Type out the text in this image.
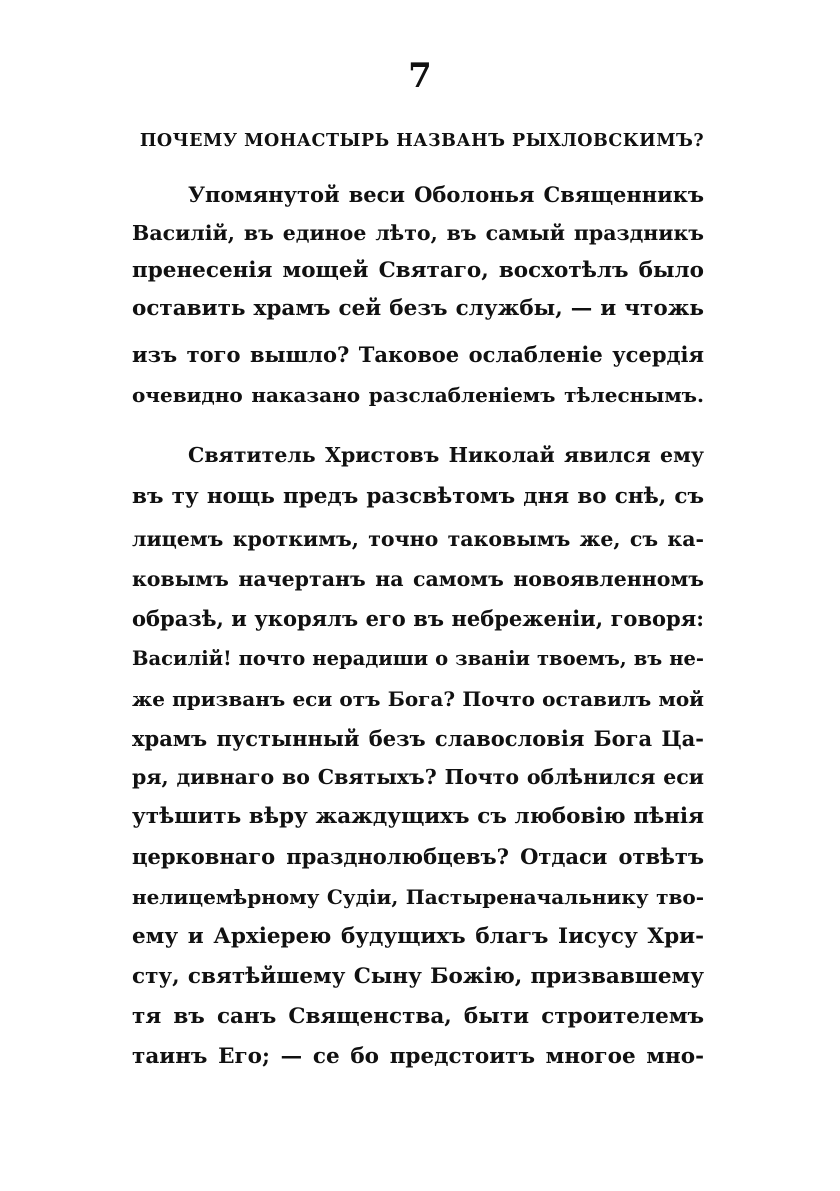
7
ПОЧЕМУ МОНАСТЫРЬ НАЗВАНЪ РЫХЛОВСКИМЪ?
Упомянутой веси Оболонья Священникъ
Василій, въ единое лѣто, въ самый праздникъ
пренесенія мощей Святаго, восхотѣлъ было
оставить храмъ сей безъ службы, — и чтожь
изъ того вышло? Таковое ослабленіе усердія
очевидно наказано разслабленіемъ тѣлеснымъ.
Святитель Христовъ Николай явился ему
въ ту нощь предъ разсвѣтомъ дня во снѣ, съ
лицемъ кроткимъ, точно таковымъ же, съ ка-
ковымъ начертанъ на самомъ новоявленномъ
образѣ, и укорялъ его въ небреженіи, говоря:
Василій! почто нерадиши о званіи твоемъ, въ не-
же призванъ еси отъ Бога? Почто оставилъ мой
храмъ пустынный безъ славословія Бога Ца-
ря, дивнаго во Святыхъ? Почто облѣнился еси
утѣшить вѣру жаждущихъ съ любовію пѣнія
церковнаго празднолюбцевъ? Отдаси отвѣтъ
нелицемѣрному Судіи, Пастыреначальнику тво-
ему и Архіерею будущихъ благъ Іисусу Хри-
сту, святѣйшему Сыну Божію, призвавшему
тя въ санъ Священства, быти строителемъ
таинъ Его; — се бо предстоитъ многое мно-
